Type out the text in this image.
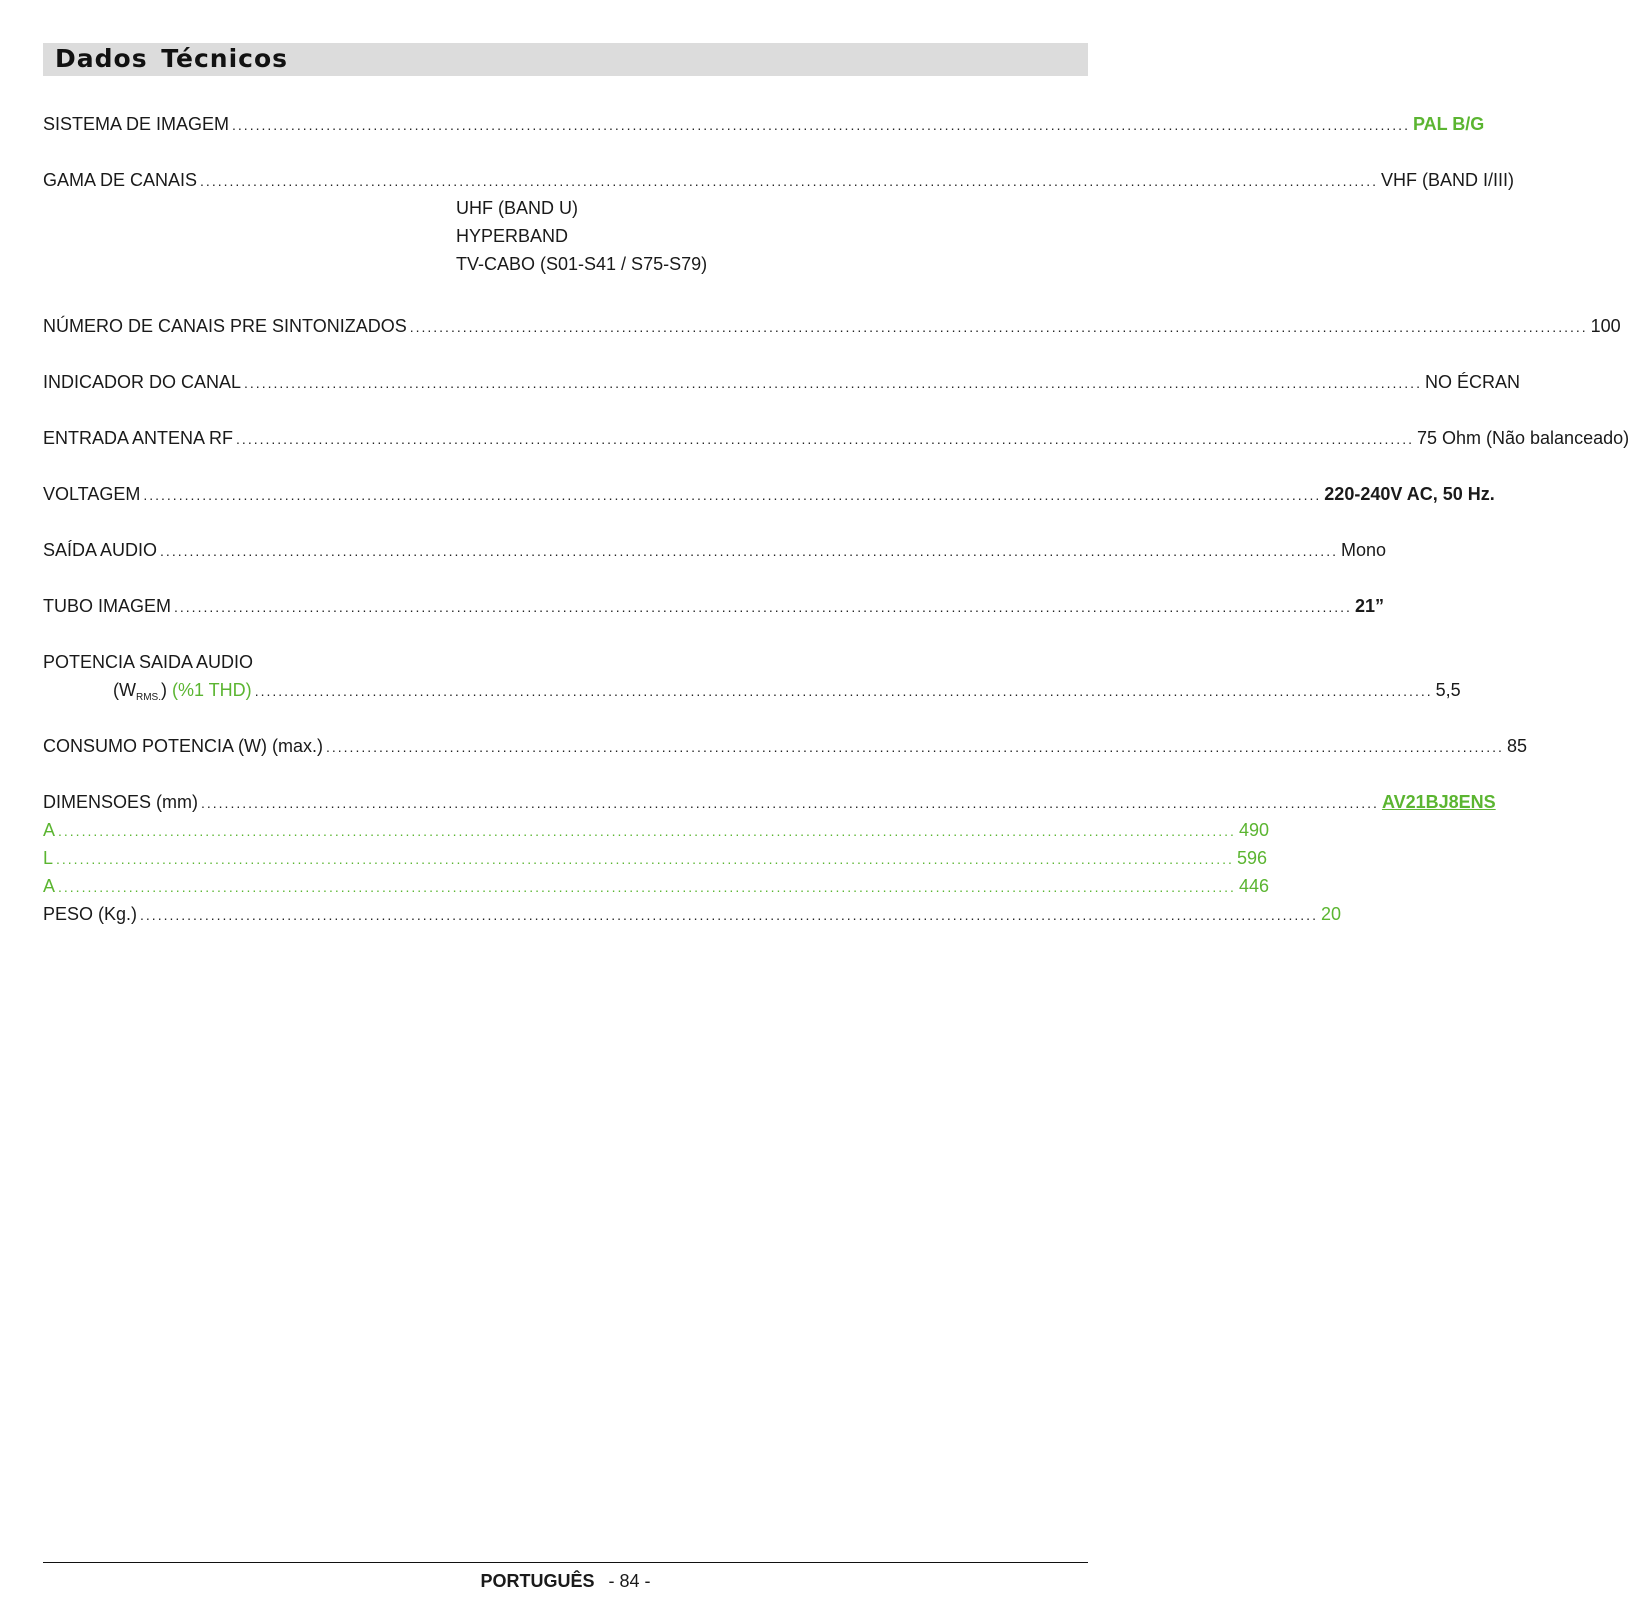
Dados Técnicos
SISTEMA DE IMAGEM ........................................................................................................................................................................................................ PAL B/G
GAMA DE CANAIS ........................................................................................................................................................................................................ VHF (BAND I/III)
UHF (BAND U)
HYPERBAND
TV-CABO (S01-S41 / S75-S79)
NÚMERO DE CANAIS PRE SINTONIZADOS ........................................................................................................................................................................................................ 100
INDICADOR DO CANAL ........................................................................................................................................................................................................ NO ÉCRAN
ENTRADA ANTENA RF ........................................................................................................................................................................................................ 75 Ohm (Não balanceado)
VOLTAGEM ........................................................................................................................................................................................................ 220-240V AC, 50 Hz.
SAÍDA AUDIO ........................................................................................................................................................................................................ Mono
TUBO IMAGEM ........................................................................................................................................................................................................ 21”
POTENCIA SAIDA AUDIO
$(W_{RMS.})$ (%1 THD) ........................................................................................................................................................................................................ 5,5
CONSUMO POTENCIA (W) (max.) ........................................................................................................................................................................................................ 85
DIMENSOES (mm) ........................................................................................................................................................................................................ AV21BJ8ENS
A ........................................................................................................................................................................................................ 490
L ........................................................................................................................................................................................................ 596
A ........................................................................................................................................................................................................ 446
PESO (Kg.) ........................................................................................................................................................................................................ 20
PORTUGUÊS - 84 -
